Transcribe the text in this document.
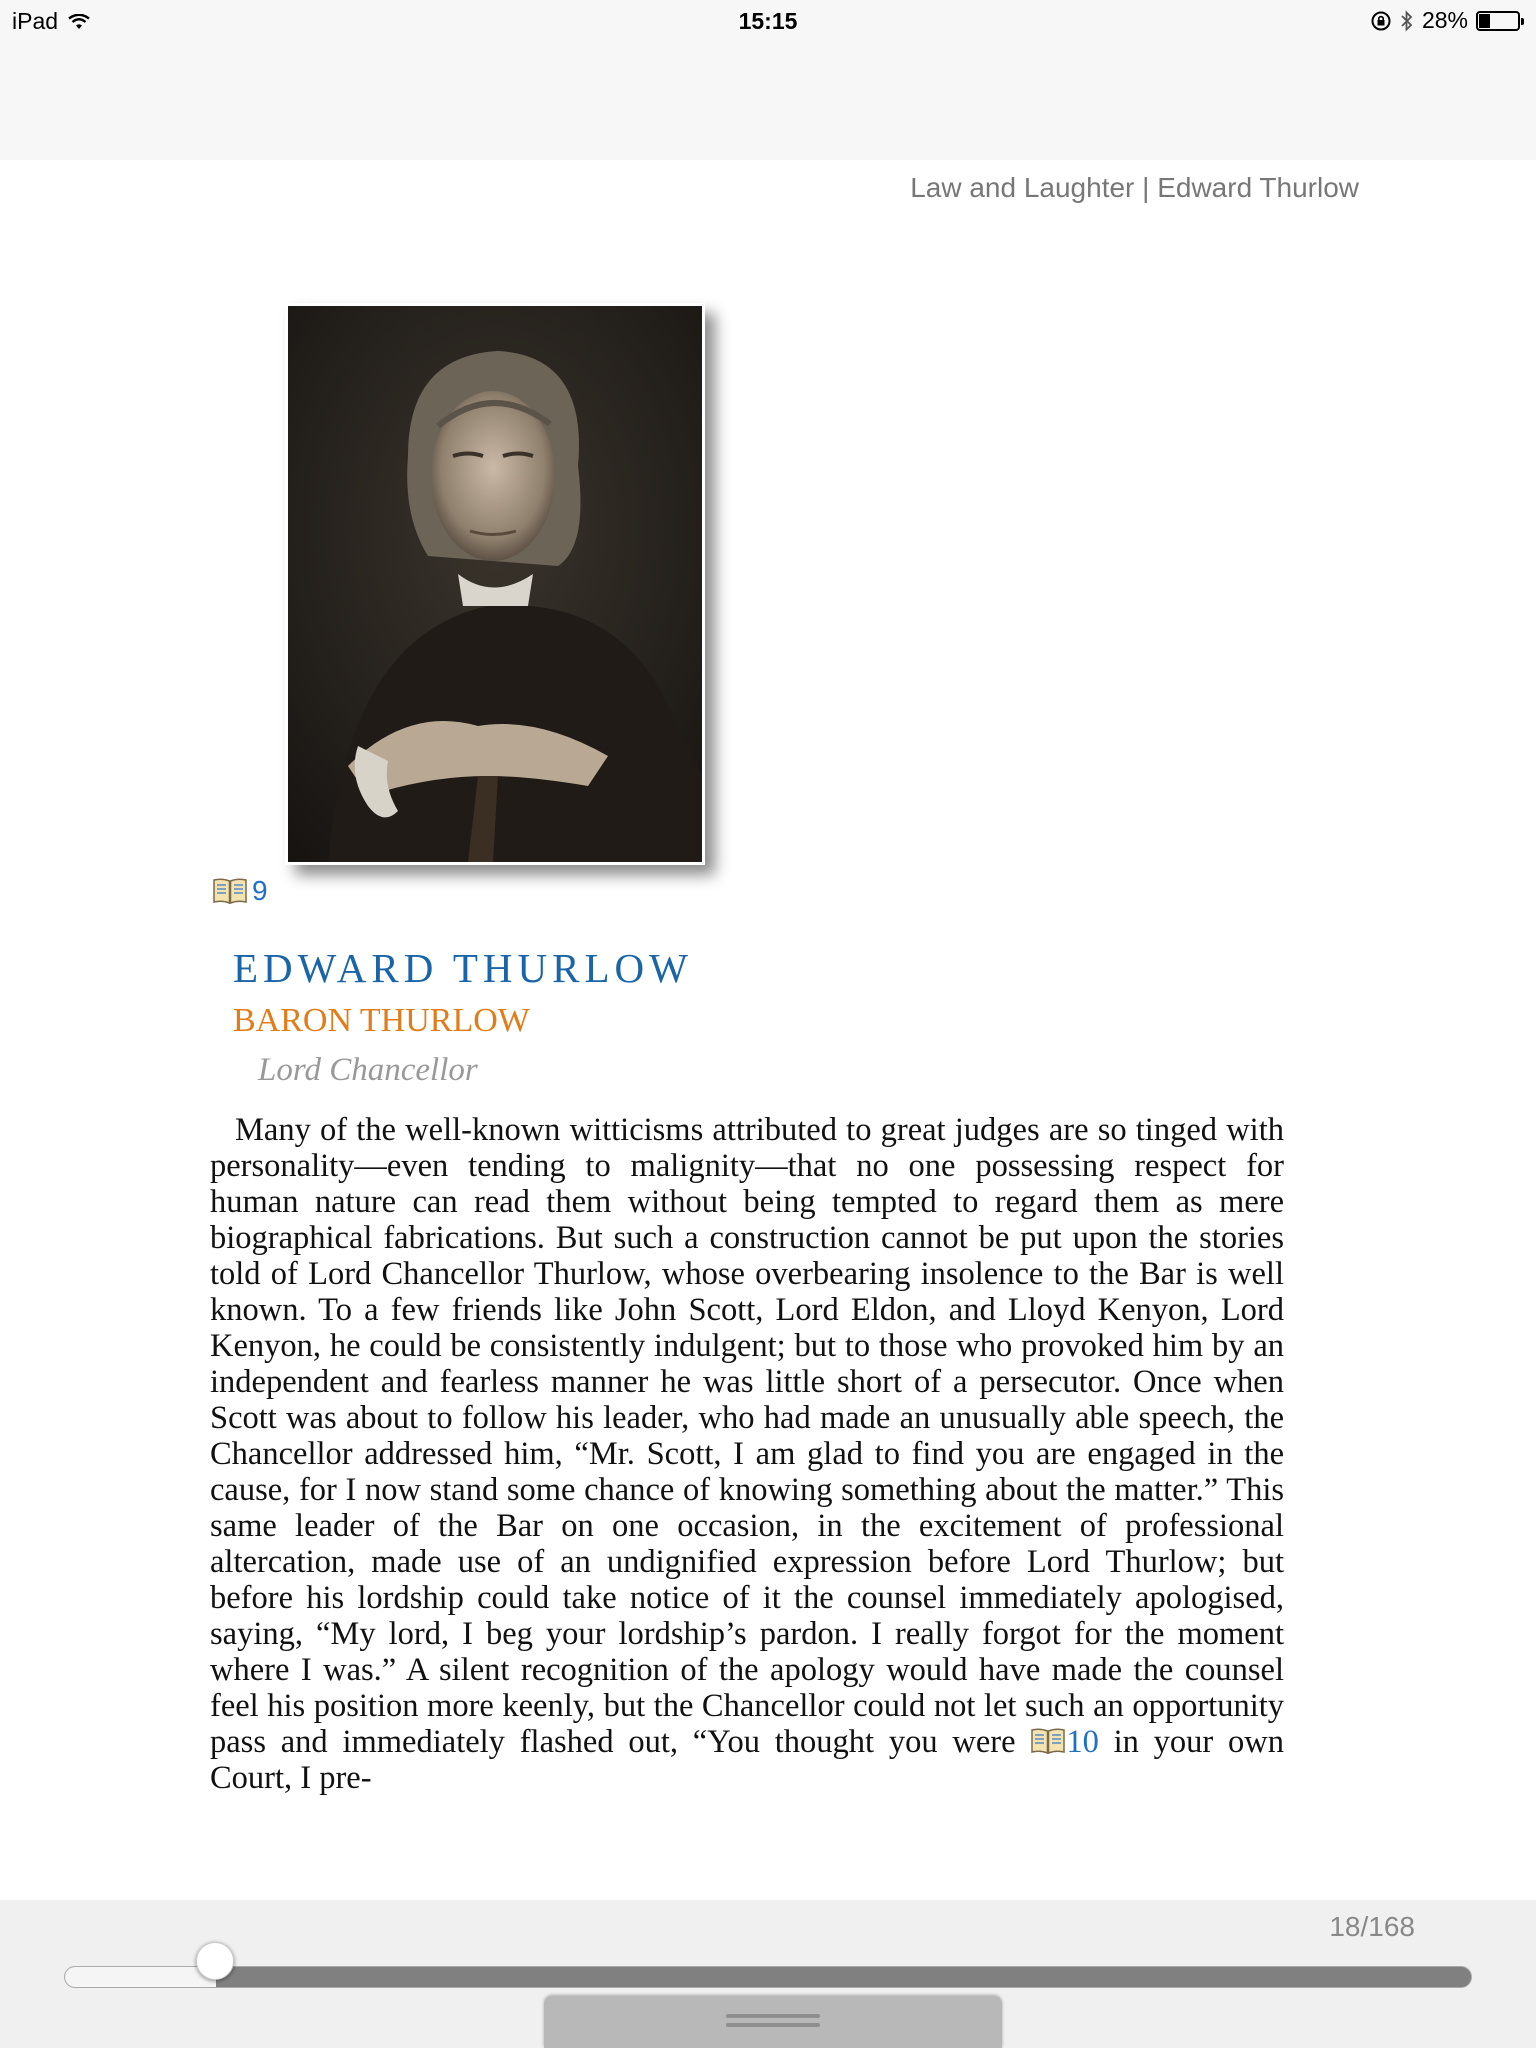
iPad	15:15	28%
Law and Laughter | Edward Thurlow
9
EDWARD THURLOW
BARON THURLOW
Lord Chancellor
Many of the well-known witticisms attributed to great judges are so tinged with personality—even tending to malignity—that no one possessing respect for human nature can read them without being tempted to regard them as mere biographical fabrications. But such a construction cannot be put upon the stories told of Lord Chancellor Thurlow, whose overbearing insolence to the Bar is well known. To a few friends like John Scott, Lord Eldon, and Lloyd Kenyon, Lord Kenyon, he could be consistently indulgent; but to those who provoked him by an independent and fearless manner he was little short of a persecutor. Once when Scott was about to follow his leader, who had made an unusually able speech, the Chancellor addressed him, “Mr. Scott, I am glad to find you are engaged in the cause, for I now stand some chance of knowing something about the matter.” This same leader of the Bar on one occasion, in the excitement of professional altercation, made use of an undignified expression before Lord Thurlow; but before his lordship could take notice of it the counsel immediately apologised, saying, “My lord, I beg your lordship’s pardon. I really forgot for the moment where I was.” A silent recognition of the apology would have made the counsel feel his position more keenly, but the Chancellor could not let such an opportunity pass and immediately flashed out, “You thought you were 10 in your own Court, I pre-
18/168
